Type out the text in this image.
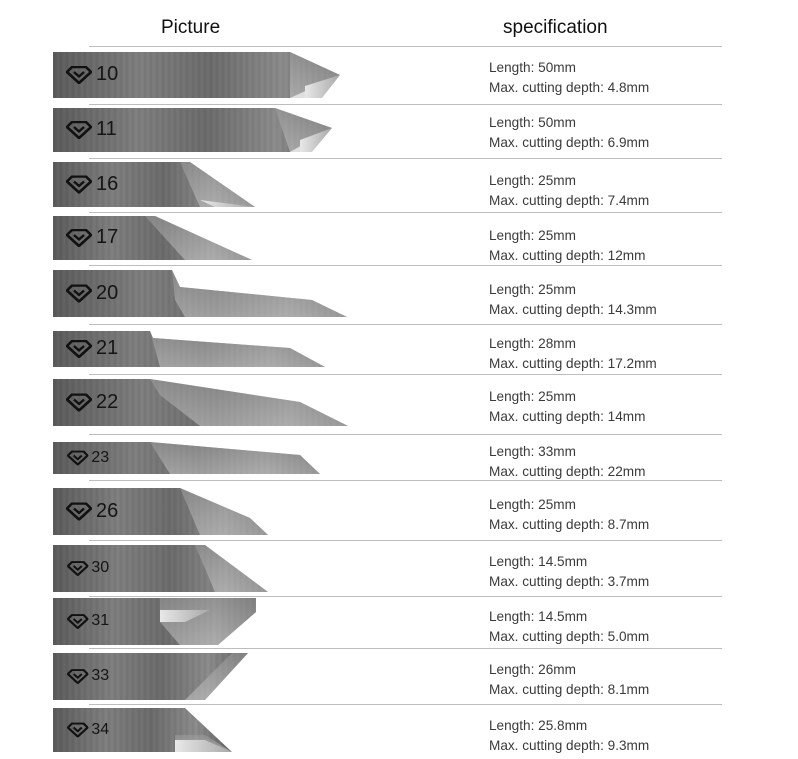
Picture	specification
10	Length: 50mm
Max. cutting depth: 4.8mm
11	Length: 50mm
Max. cutting depth: 6.9mm
16	Length: 25mm
Max. cutting depth: 7.4mm
17	Length: 25mm
Max. cutting depth: 12mm
20	Length: 25mm
Max. cutting depth: 14.3mm
21	Length: 28mm
Max. cutting depth: 17.2mm
22	Length: 25mm
Max. cutting depth: 14mm
23	Length: 33mm
Max. cutting depth: 22mm
26	Length: 25mm
Max. cutting depth: 8.7mm
30	Length: 14.5mm
Max. cutting depth: 3.7mm
31	Length: 14.5mm
Max. cutting depth: 5.0mm
33	Length: 26mm
Max. cutting depth: 8.1mm
34	Length: 25.8mm
Max. cutting depth: 9.3mm
